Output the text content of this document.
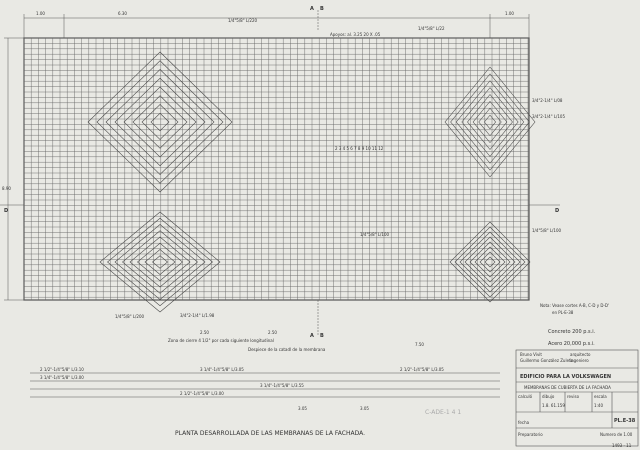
1.00	6.30	1.00
8.90
A B
A B
D	D
1/4"5/8" L/220
1/4"5/8" L/22
Apoyos: al. 3.25 20 X .05
3/4"2-1/4" L/08
3/4"2-1/4" L/105
1/4"5/8" L/100
2 3 4 5 6 7 8 9 10 11 12
1/4"5/8" L/100
1/4"5/8" L/200
2.50	2.50
Zona de cierre 4 1/2" por cada siguiente longitudinal
3/4"2-1/4" L/1.98
Despiece de la catadl de la membrana
7.50
Nota: Vease cortes A-B, C-D y D-D'
en PL-E-38
Concreto 200 p.s.i.
Acero 20,000 p.s.i.
2 1/2"-1/4"5/8" L/3.10	3 1/4"-1/4"5/8" L/3.05	2 1/2"-1/4"5/8" L/3.05
3 1/4"-1/4"5/8" L/3.00
3 1/4"-1/4"5/8" L/3.55
2 1/2"-1/4"5/8" L/3.00
3.05	3.05
PLANTA DESARROLLADA DE LAS MEMBRANAS DE LA FACHADA.
Bruno Vivit	arquitecto
Guillermo González Zuleta
ingeniero
EDIFICIO PARA LA VOLKSWAGEN
MEMBRANAS DE CUBIERTA DE LA FACHADA
calculó dibujo	reviso	escala
1:40
1.8. 61.159
PL.E-38
fecha
Preparatorio	Numero de 1.00
C-ADE-1 4 1
1493 - 11
